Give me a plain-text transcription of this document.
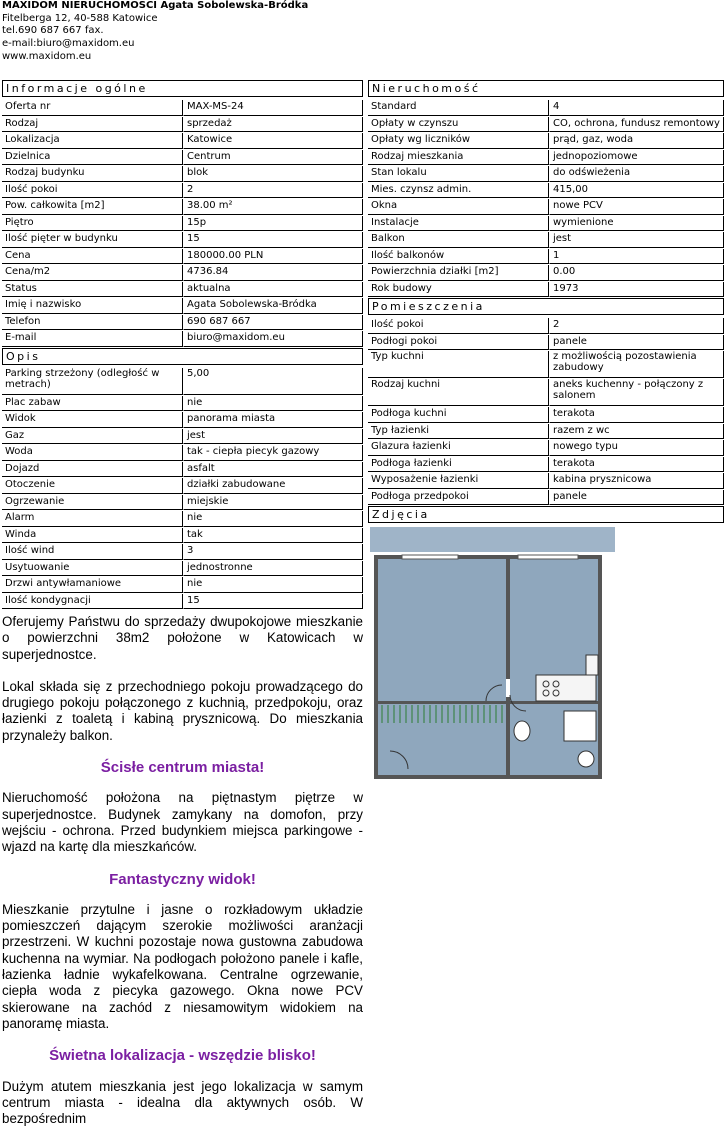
MAXIDOM NIERUCHOMOŚCI Agata Sobolewska-Bródka
Fitelberga 12, 40-588 Katowice
tel.690 687 667 fax.
e-mail:biuro@maxidom.eu
www.maxidom.eu
Informacje ogólne
Oferta nr	MAX-MS-24
Rodzaj	sprzedaż
Lokalizacja	Katowice
Dzielnica	Centrum
Rodzaj budynku	blok
Ilość pokoi	2
Pow. całkowita [m2]	38.00 m²
Piętro	15p
Ilość pięter w budynku	15
Cena	180000.00 PLN
Cena/m2	4736.84
Status	aktualna
Imię i nazwisko	Agata Sobolewska-Bródka
Telefon	690 687 667
E-mail	biuro@maxidom.eu
Opis
Parking strzeżony (odległość w metrach)	5,00
Plac zabaw	nie
Widok	panorama miasta
Gaz	jest
Woda	tak - ciepła piecyk gazowy
Dojazd	asfalt
Otoczenie	działki zabudowane
Ogrzewanie	miejskie
Alarm	nie
Winda	tak
Ilość wind	3
Usytuowanie	jednostronne
Drzwi antywłamaniowe	nie
Ilość kondygnacji	15

Oferujemy Państwu do sprzedaży dwupokojowe mieszkanie o powierzchni 38m2 położone w Katowicach w superjednostce.

Lokal składa się z przechodniego pokoju prowadzącego do drugiego pokoju połączonego z kuchnią, przedpokoju, oraz łazienki z toaletą i kabiną prysznicową. Do mieszkania przynależy balkon.

Ścisłe centrum miasta!

Nieruchomość położona na piętnastym piętrze w superjednostce. Budynek zamykany na domofon, przy wejściu - ochrona. Przed budynkiem miejsca parkingowe - wjazd na kartę dla mieszkańców.

Fantastyczny widok!

Mieszkanie przytulne i jasne o rozkładowym układzie pomieszczeń dającym szerokie możliwości aranżacji przestrzeni. W kuchni pozostaje nowa gustowna zabudowa kuchenna na wymiar. Na podłogach położono panele i kafle, łazienka ładnie wykafelkowana. Centralne ogrzewanie, ciepła woda z piecyka gazowego. Okna nowe PCV skierowane na zachód z niesamowitym widokiem na panoramę miasta.

Świetna lokalizacja - wszędzie blisko!

Dużym atutem mieszkania jest jego lokalizacja w samym centrum miasta - idealna dla aktywnych osób. W bezpośrednim

Nieruchomość
Standard	4
Opłaty w czynszu	CO, ochrona, fundusz remontowy
Opłaty wg liczników	prąd, gaz, woda
Rodzaj mieszkania	jednopoziomowe
Stan lokalu	do odświeżenia
Mies. czynsz admin.	415,00
Okna	nowe PCV
Instalacje	wymienione
Balkon	jest
Ilość balkonów	1
Powierzchnia działki [m2]	0.00
Rok budowy	1973
Pomieszczenia
Ilość pokoi	2
Podłogi pokoi	panele
Typ kuchni	z możliwością pozostawienia zabudowy
Rodzaj kuchni	aneks kuchenny - połączony z salonem
Podłoga kuchni	terakota
Typ łazienki	razem z wc
Glazura łazienki	nowego typu
Podłoga łazienki	terakota
Wyposażenie łazienki	kabina prysznicowa
Podłoga przedpokoi	panele
Zdjęcia
